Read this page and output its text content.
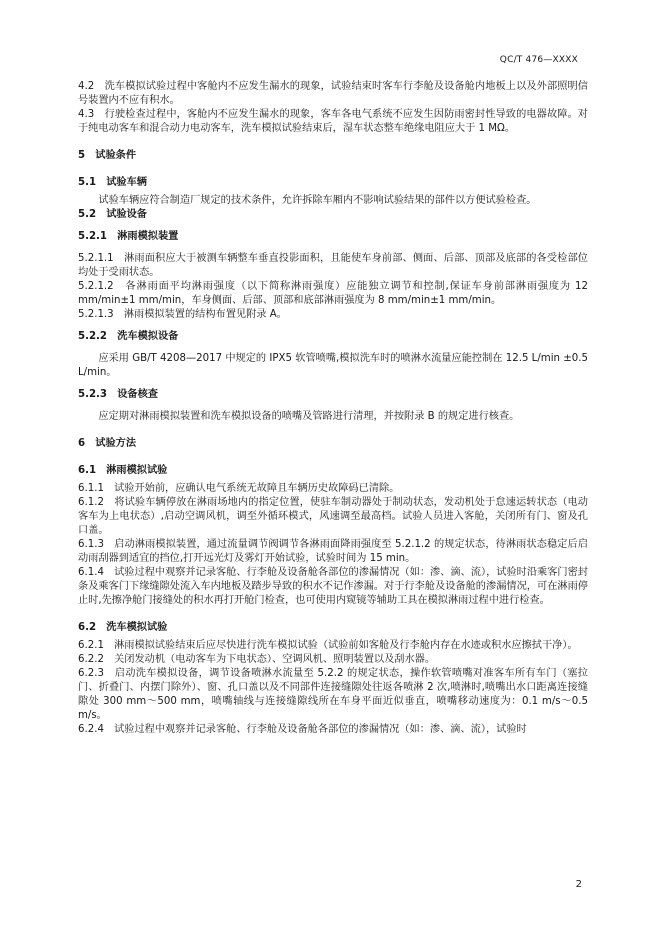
QC/T 476—XXXX

4.2　洗车模拟试验过程中客舱内不应发生漏水的现象，试验结束时客车行李舱及设备舱内地板上以及外部照明信号装置内不应有积水。

4.3　行驶检查过程中，客舱内不应发生漏水的现象，客车各电气系统不应发生因防雨密封性导致的电器故障。对于纯电动客车和混合动力电动客车，洗车模拟试验结束后，湿车状态整车绝缘电阻应大于 1 MΩ。

5　试验条件

5.1　试验车辆

试验车辆应符合制造厂规定的技术条件，允许拆除车厢内不影响试验结果的部件以方便试验检查。

5.2　试验设备

5.2.1　淋雨模拟装置

5.2.1.1　淋雨面积应大于被测车辆整车垂直投影面积，且能使车身前部、侧面、后部、顶部及底部的各受检部位均处于受雨状态。

5.2.1.2　各淋雨面平均淋雨强度（以下简称淋雨强度）应能独立调节和控制,保证车身前部淋雨强度为 12 mm/min±1 mm/min，车身侧面、后部、顶部和底部淋雨强度为 8 mm/min±1 mm/min。

5.2.1.3　淋雨模拟装置的结构布置见附录 A。

5.2.2　洗车模拟设备

应采用 GB/T 4208—2017 中规定的 IPX5 软管喷嘴,模拟洗车时的喷淋水流量应能控制在 12.5 L/min ±0.5 L/min。

5.2.3　设备核查

应定期对淋雨模拟装置和洗车模拟设备的喷嘴及管路进行清理，并按附录 B 的规定进行核查。

6　试验方法

6.1　淋雨模拟试验

6.1.1　试验开始前，应确认电气系统无故障且车辆历史故障码已清除。

6.1.2　将试验车辆停放在淋雨场地内的指定位置，使驻车制动器处于制动状态，发动机处于怠速运转状态（电动客车为上电状态）,启动空调风机，调至外循环模式，风速调至最高档。试验人员进入客舱，关闭所有门、窗及孔口盖。

6.1.3　启动淋雨模拟装置，通过流量调节阀调节各淋雨面降雨强度至 5.2.1.2 的规定状态，待淋雨状态稳定后启动雨刮器到适宜的挡位,打开远光灯及雾灯开始试验，试验时间为 15 min。

6.1.4　试验过程中观察并记录客舱、行李舱及设备舱各部位的渗漏情况（如：渗、滴、流），试验时沿乘客门密封条及乘客门下缘缝隙处流入车内地板及踏步导致的积水不记作渗漏。对于行李舱及设备舱的渗漏情况，可在淋雨停止时,先擦净舱门接缝处的积水再打开舱门检查，也可使用内窥镜等辅助工具在模拟淋雨过程中进行检查。

6.2　洗车模拟试验

6.2.1　淋雨模拟试验结束后应尽快进行洗车模拟试验（试验前如客舱及行李舱内存在水迹或积水应擦拭干净）。

6.2.2　关闭发动机（电动客车为下电状态）、空调风机、照明装置以及刮水器。

6.2.3　启动洗车模拟设备，调节设备喷淋水流量至 5.2.2 的规定状态，操作软管喷嘴对准客车所有车门（塞拉门、折叠门、内摆门除外）、窗、孔口盖以及不同部件连接缝隙处往返各喷淋 2 次,喷淋时,喷嘴出水口距离连接缝隙处 300 mm～500 mm，喷嘴轴线与连接缝隙线所在车身平面近似垂直，喷嘴移动速度为：0.1 m/s～0.5 m/s。

6.2.4　试验过程中观察并记录客舱、行李舱及设备舱各部位的渗漏情况（如：渗、滴、流），试验时

2
